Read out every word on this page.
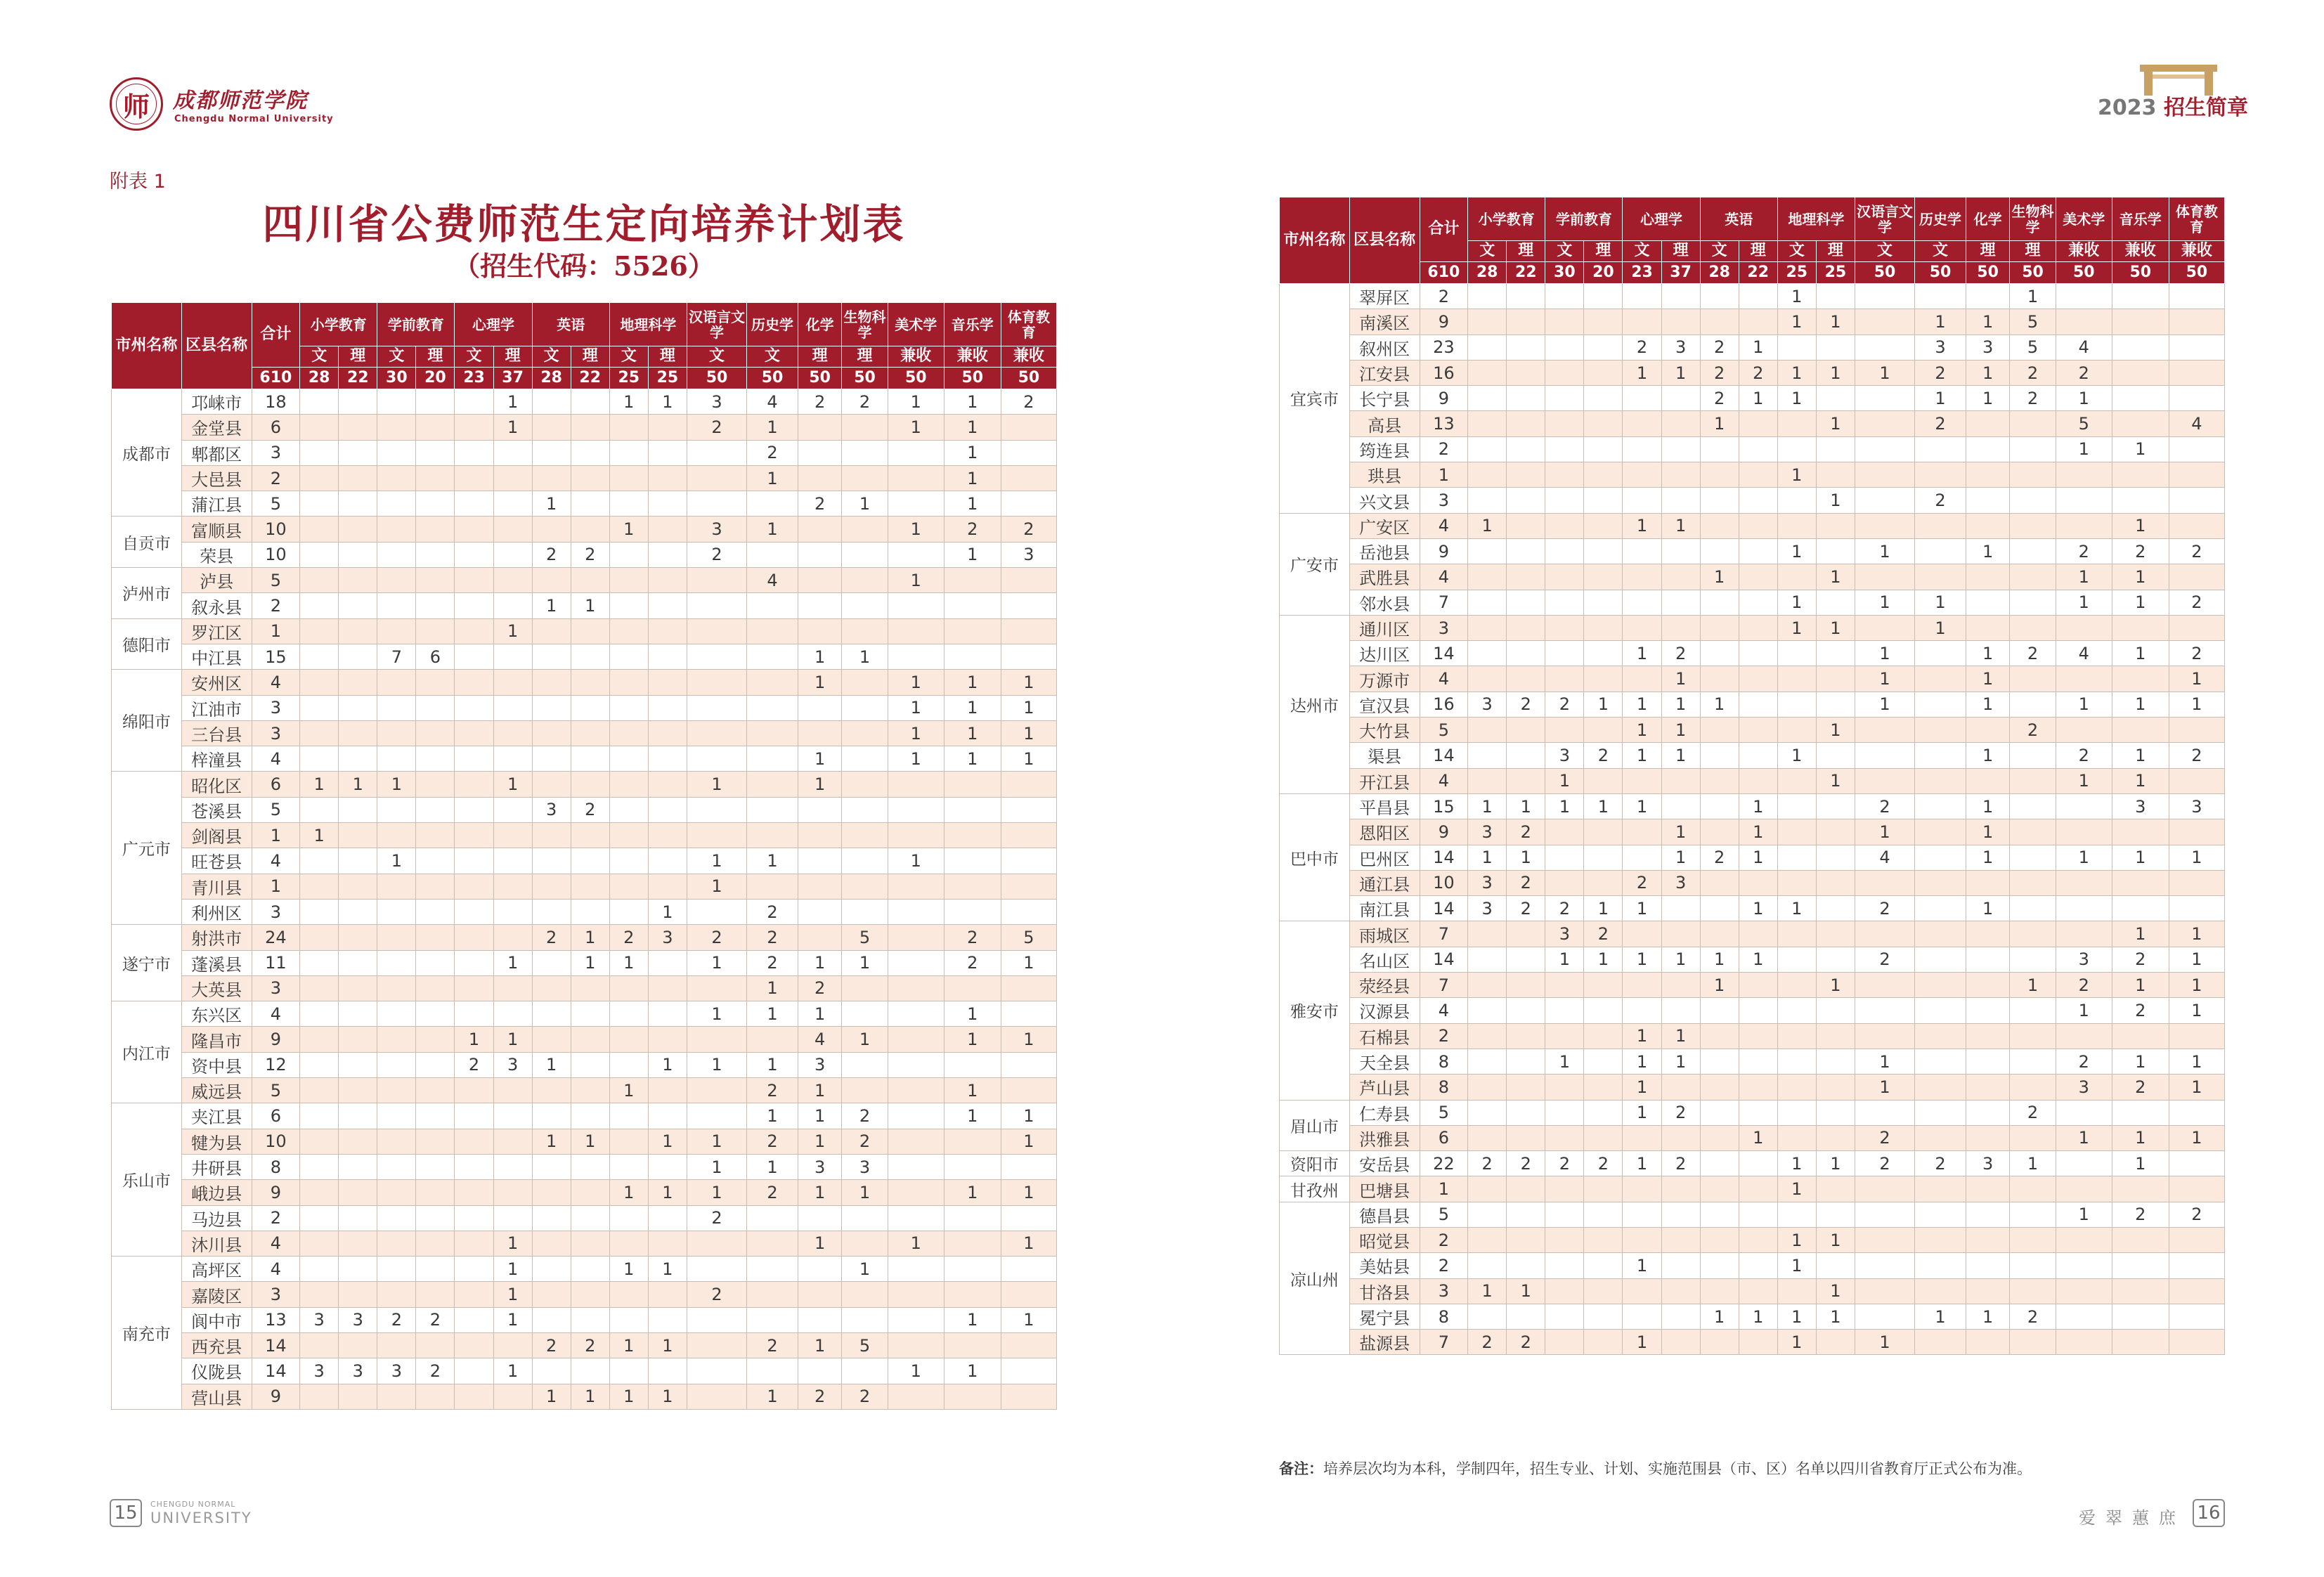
师 成都师范学院
Chengdu Normal University	2023 招生简章
附表 1
四川省公费师范生定向培养计划表
（招生代码：5526）
市州名称	区县名称	合计	小学教育		学前教育		心理学		英语		地理科学		汉语言文学	历史学	化学	生物科学	美术学	音乐学	体育教育
			文	理	文	理	文	理	文	理	文	理	文	文	理	理	兼收	兼收	兼收
		610	28	22	30	20	23	37	28	22	25	25	50	50	50	50	50	50	50
成都市	邛崃市	18						1			1	1	3	4	2	2	1	1	2
	金堂县	6						1					2	1			1	1	
	郫都区	3												2				1	
	大邑县	2												1				1	
	蒲江县	5							1						2	1		1	
自贡市	富顺县	10									1		3	1			1	2	2
	荣县	10							2	2			2					1	3
泸州市	泸县	5												4			1		
	叙永县	2							1	1									
德阳市	罗江区	1						1											
	中江县	15			7	6									1	1			
绵阳市	安州区	4													1		1	1	1
	江油市	3															1	1	1
	三台县	3															1	1	1
	梓潼县	4													1		1	1	1
广元市	昭化区	6	1	1	1			1					1		1				
	苍溪县	5							3	2									
	剑阁县	1	1																
	旺苍县	4			1								1	1			1		
	青川县	1											1						
	利州区	3										1		2					
遂宁市	射洪市	24							2	1	2	3	2	2		5		2	5
	蓬溪县	11						1		1	1		1	2	1	1		2	1
	大英县	3												1	2				
内江市	东兴区	4											1	1	1			1	
	隆昌市	9					1	1							4	1		1	1
	资中县	12					2	3	1			1	1	1	3				
	威远县	5									1			2	1			1	
乐山市	夹江县	6												1	1	2		1	1
	犍为县	10							1	1		1	1	2	1	2			1
	井研县	8											1	1	3	3			
	峨边县	9									1	1	1	2	1	1		1	1
	马边县	2											2						
	沐川县	4						1							1		1		1
南充市	高坪区	4						1			1	1				1			
	嘉陵区	3						1					2						
	阆中市	13	3	3	2	2		1										1	1
	西充县	14							2	2	1	1		2	1	5			
	仪陇县	14	3	3	3	2		1									1	1	
	营山县	9							1	1	1	1		1	2	2			
市州名称	区县名称	合计	小学教育		学前教育		心理学		英语		地理科学		汉语言文学	历史学	化学	生物科学	美术学	音乐学	体育教育
			文	理	文	理	文	理	文	理	文	理	文	文	理	理	兼收	兼收	兼收
		610	28	22	30	20	23	37	28	22	25	25	50	50	50	50	50	50	50
宜宾市	翠屏区	2									1					1			
	南溪区	9									1	1		1	1	5			
	叙州区	23					2	3	2	1				3	3	5	4		
	江安县	16					1	1	2	2	1	1	1	2	1	2	2		
	长宁县	9							2	1	1			1	1	2	1		
	高县	13							1			1		2			5		4
	筠连县	2															1	1	
	珙县	1									1								
	兴文县	3										1		2					
广安市	广安区	4	1				1	1										1	
	岳池县	9									1		1		1		2	2	2
	武胜县	4							1			1					1	1	
	邻水县	7									1		1	1			1	1	2
达州市	通川区	3									1	1		1					
	达川区	14					1	2					1		1	2	4	1	2
	万源市	4						1					1		1				1
	宣汉县	16	3	2	2	1	1	1	1				1		1		1	1	1
	大竹县	5					1	1				1				2			
	渠县	14			3	2	1	1			1				1		2	1	2
	开江县	4			1							1					1	1	
巴中市	平昌县	15	1	1	1	1	1			1			2		1			3	3
	恩阳区	9	3	2				1		1			1		1				
	巴州区	14	1	1				1	2	1			4		1		1	1	1
	通江县	10	3	2			2	3											
	南江县	14	3	2	2	1	1			1	1		2		1				
雅安市	雨城区	7			3	2												1	1
	名山区	14			1	1	1	1	1	1			2				3	2	1
	荥经县	7							1			1				1	2	1	1
	汉源县	4															1	2	1
	石棉县	2					1	1											
	天全县	8			1		1	1					1				2	1	1
	芦山县	8					1						1				3	2	1
眉山市	仁寿县	5					1	2								2			
	洪雅县	6								1			2				1	1	1
资阳市	安岳县	22	2	2	2	2	1	2			1	1	2	2	3	1		1	
甘孜州	巴塘县	1									1								
凉山州	德昌县	5															1	2	2
	昭觉县	2									1	1							
	美姑县	2					1				1								
	甘洛县	3	1	1								1							
	冕宁县	8							1	1	1	1		1	1	2			
	盐源县	7	2	2			1				1		1						
备注：培养层次均为本科，学制四年，招生专业、计划、实施范围县（市、区）名单以四川省教育厅正式公布为准。
15	CHENGDU NORMAL
UNIVERSITY	爱翠蕙庶 16
